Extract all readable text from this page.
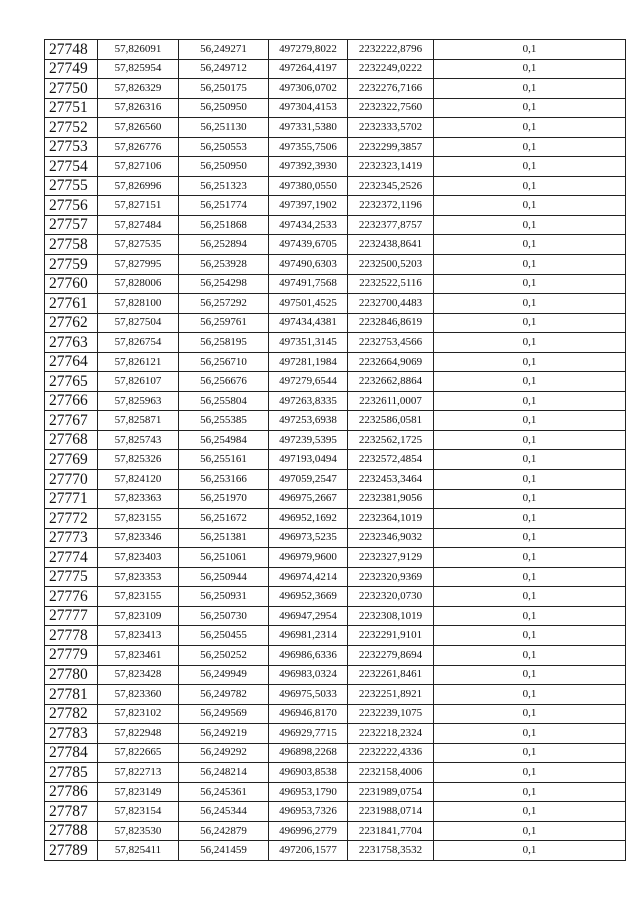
27748	57,826091	56,249271	497279,8022	2232222,8796	0,1
27749	57,825954	56,249712	497264,4197	2232249,0222	0,1
27750	57,826329	56,250175	497306,0702	2232276,7166	0,1
27751	57,826316	56,250950	497304,4153	2232322,7560	0,1
27752	57,826560	56,251130	497331,5380	2232333,5702	0,1
27753	57,826776	56,250553	497355,7506	2232299,3857	0,1
27754	57,827106	56,250950	497392,3930	2232323,1419	0,1
27755	57,826996	56,251323	497380,0550	2232345,2526	0,1
27756	57,827151	56,251774	497397,1902	2232372,1196	0,1
27757	57,827484	56,251868	497434,2533	2232377,8757	0,1
27758	57,827535	56,252894	497439,6705	2232438,8641	0,1
27759	57,827995	56,253928	497490,6303	2232500,5203	0,1
27760	57,828006	56,254298	497491,7568	2232522,5116	0,1
27761	57,828100	56,257292	497501,4525	2232700,4483	0,1
27762	57,827504	56,259761	497434,4381	2232846,8619	0,1
27763	57,826754	56,258195	497351,3145	2232753,4566	0,1
27764	57,826121	56,256710	497281,1984	2232664,9069	0,1
27765	57,826107	56,256676	497279,6544	2232662,8864	0,1
27766	57,825963	56,255804	497263,8335	2232611,0007	0,1
27767	57,825871	56,255385	497253,6938	2232586,0581	0,1
27768	57,825743	56,254984	497239,5395	2232562,1725	0,1
27769	57,825326	56,255161	497193,0494	2232572,4854	0,1
27770	57,824120	56,253166	497059,2547	2232453,3464	0,1
27771	57,823363	56,251970	496975,2667	2232381,9056	0,1
27772	57,823155	56,251672	496952,1692	2232364,1019	0,1
27773	57,823346	56,251381	496973,5235	2232346,9032	0,1
27774	57,823403	56,251061	496979,9600	2232327,9129	0,1
27775	57,823353	56,250944	496974,4214	2232320,9369	0,1
27776	57,823155	56,250931	496952,3669	2232320,0730	0,1
27777	57,823109	56,250730	496947,2954	2232308,1019	0,1
27778	57,823413	56,250455	496981,2314	2232291,9101	0,1
27779	57,823461	56,250252	496986,6336	2232279,8694	0,1
27780	57,823428	56,249949	496983,0324	2232261,8461	0,1
27781	57,823360	56,249782	496975,5033	2232251,8921	0,1
27782	57,823102	56,249569	496946,8170	2232239,1075	0,1
27783	57,822948	56,249219	496929,7715	2232218,2324	0,1
27784	57,822665	56,249292	496898,2268	2232222,4336	0,1
27785	57,822713	56,248214	496903,8538	2232158,4006	0,1
27786	57,823149	56,245361	496953,1790	2231989,0754	0,1
27787	57,823154	56,245344	496953,7326	2231988,0714	0,1
27788	57,823530	56,242879	496996,2779	2231841,7704	0,1
27789	57,825411	56,241459	497206,1577	2231758,3532	0,1
